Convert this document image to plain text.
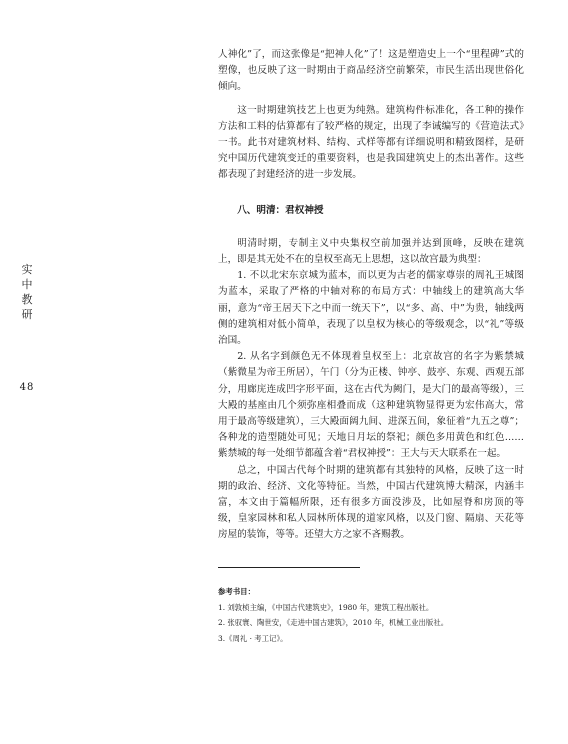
实
中
教
研
48

人神化”了，而这张像是“把神人化”了！这是塑造史上一个“里程碑”式的塑像，也反映了这一时期由于商品经济空前繁荣，市民生活出现世俗化倾向。

这一时期建筑技艺上也更为纯熟。建筑构件标准化，各工种的操作方法和工料的估算都有了较严格的规定，出现了李诫编写的《营造法式》一书。此书对建筑材料、结构、式样等都有详细说明和精致图样，是研究中国历代建筑变迁的重要资料，也是我国建筑史上的杰出著作。这些都表现了封建经济的进一步发展。

八、明清：君权神授

明清时期，专制主义中央集权空前加强并达到顶峰，反映在建筑上，即是其无处不在的皇权至高无上思想，这以故宫最为典型：

1. 不以北宋东京城为蓝本，而以更为古老的儒家尊崇的周礼王城图为蓝本，采取了严格的中轴对称的布局方式：中轴线上的建筑高大华丽，意为“帝王居天下之中而一统天下”，以“多、高、中”为贵，轴线两侧的建筑相对低小简单，表现了以皇权为核心的等级观念，以“礼”等级治国。

2. 从名字到颜色无不体现着皇权至上：北京故宫的名字为紫禁城（紫微星为帝王所居），午门（分为正楼、钟亭、鼓亭、东观、西观五部分，用廊庑连成凹字形平面，这在古代为阙门，是大门的最高等级），三大殿的基座由几个须弥座相叠而成（这种建筑物显得更为宏伟高大，常用于最高等级建筑），三大殿面阔九间、进深五间，象征着“九五之尊”；各种龙的造型随处可见；天地日月坛的祭祀；颜色多用黄色和红色……紫禁城的每一处细节都蕴含着“君权神授”：王大与天大联系在一起。

总之，中国古代每个时期的建筑都有其独特的风格，反映了这一时期的政治、经济、文化等特征。当然，中国古代建筑博大精深，内涵丰富，本文由于篇幅所限，还有很多方面没涉及，比如屋脊和房顶的等级，皇家园林和私人园林所体现的道家风格，以及门窗、隔扇、天花等房屋的装饰，等等。还望大方之家不吝赐教。

参考书目：

1. 刘敦桢主编，《中国古代建筑史》，1980 年，建筑工程出版社。

2. 张驭寰、陶世安，《走进中国古建筑》，2010 年，机械工业出版社。

3.《周礼 · 考工记》。
